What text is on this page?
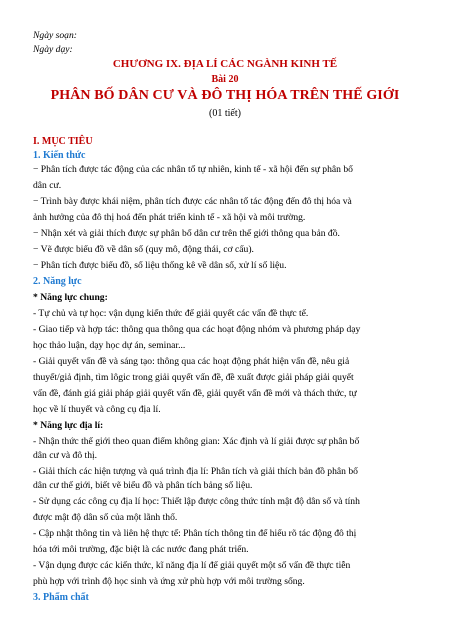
Ngày soạn:
Ngày dạy:
CHƯƠNG IX. ĐỊA LÍ CÁC NGÀNH KINH TẾ
Bài 20
PHÂN BỐ DÂN CƯ VÀ ĐÔ THỊ HÓA TRÊN THẾ GIỚI
(01 tiết)
I. MỤC TIÊU
1. Kiến thức
− Phân tích được tác động của các nhân tố tự nhiên, kinh tế - xã hội đến sự phân bố
dân cư.
− Trình bày được khái niệm, phân tích được các nhân tố tác động đến đô thị hóa và
ảnh hưởng của đô thị hoá đến phát triển kinh tế - xã hội và môi trường.
− Nhận xét và giải thích được sự phân bố dân cư trên thế giới thông qua bản đồ.
− Vẽ được biểu đồ về dân số (quy mô, động thái, cơ cấu).
− Phân tích được biểu đồ, số liệu thống kê về dân số, xử lí số liệu.
2. Năng lực
* Năng lực chung:
- Tự chủ và tự học: vận dụng kiến thức để giải quyết các vấn đề thực tế.
- Giao tiếp và hợp tác: thông qua thông qua các hoạt động nhóm và phương pháp dạy
học thảo luận, dạy học dự án, seminar...
- Giải quyết vấn đề và sáng tạo: thông qua các hoạt động phát hiện vấn đề, nêu giả
thuyết/giả định, tìm lôgic trong giải quyết vấn đề, đề xuất được giải pháp giải quyết
vấn đề, đánh giá giải pháp giải quyết vấn đề, giải quyết vấn đề mới và thách thức, tự
học về lí thuyết và công cụ địa lí.
* Năng lực địa lí:
- Nhận thức thế giới theo quan điểm không gian: Xác định và lí giải được sự phân bố
dân cư và đô thị.
- Giải thích các hiện tượng và quá trình địa lí: Phân tích và giải thích bản đồ phân bố
dân cư thế giới, biết vẽ biểu đồ và phân tích bảng số liệu.
- Sử dụng các công cụ địa lí học: Thiết lập được công thức tính mật độ dân số và tính
được mật độ dân số của một lãnh thổ.
- Cập nhật thông tin và liên hệ thực tế: Phân tích thông tin để hiểu rõ tác động đô thị
hóa tới môi trường, đặc biệt là các nước đang phát triển.
- Vận dụng được các kiến thức, kĩ năng địa lí để giải quyết một số vấn đề thực tiễn
phù hợp với trình độ học sinh và ứng xử phù hợp với môi trường sống.
3. Phẩm chất
